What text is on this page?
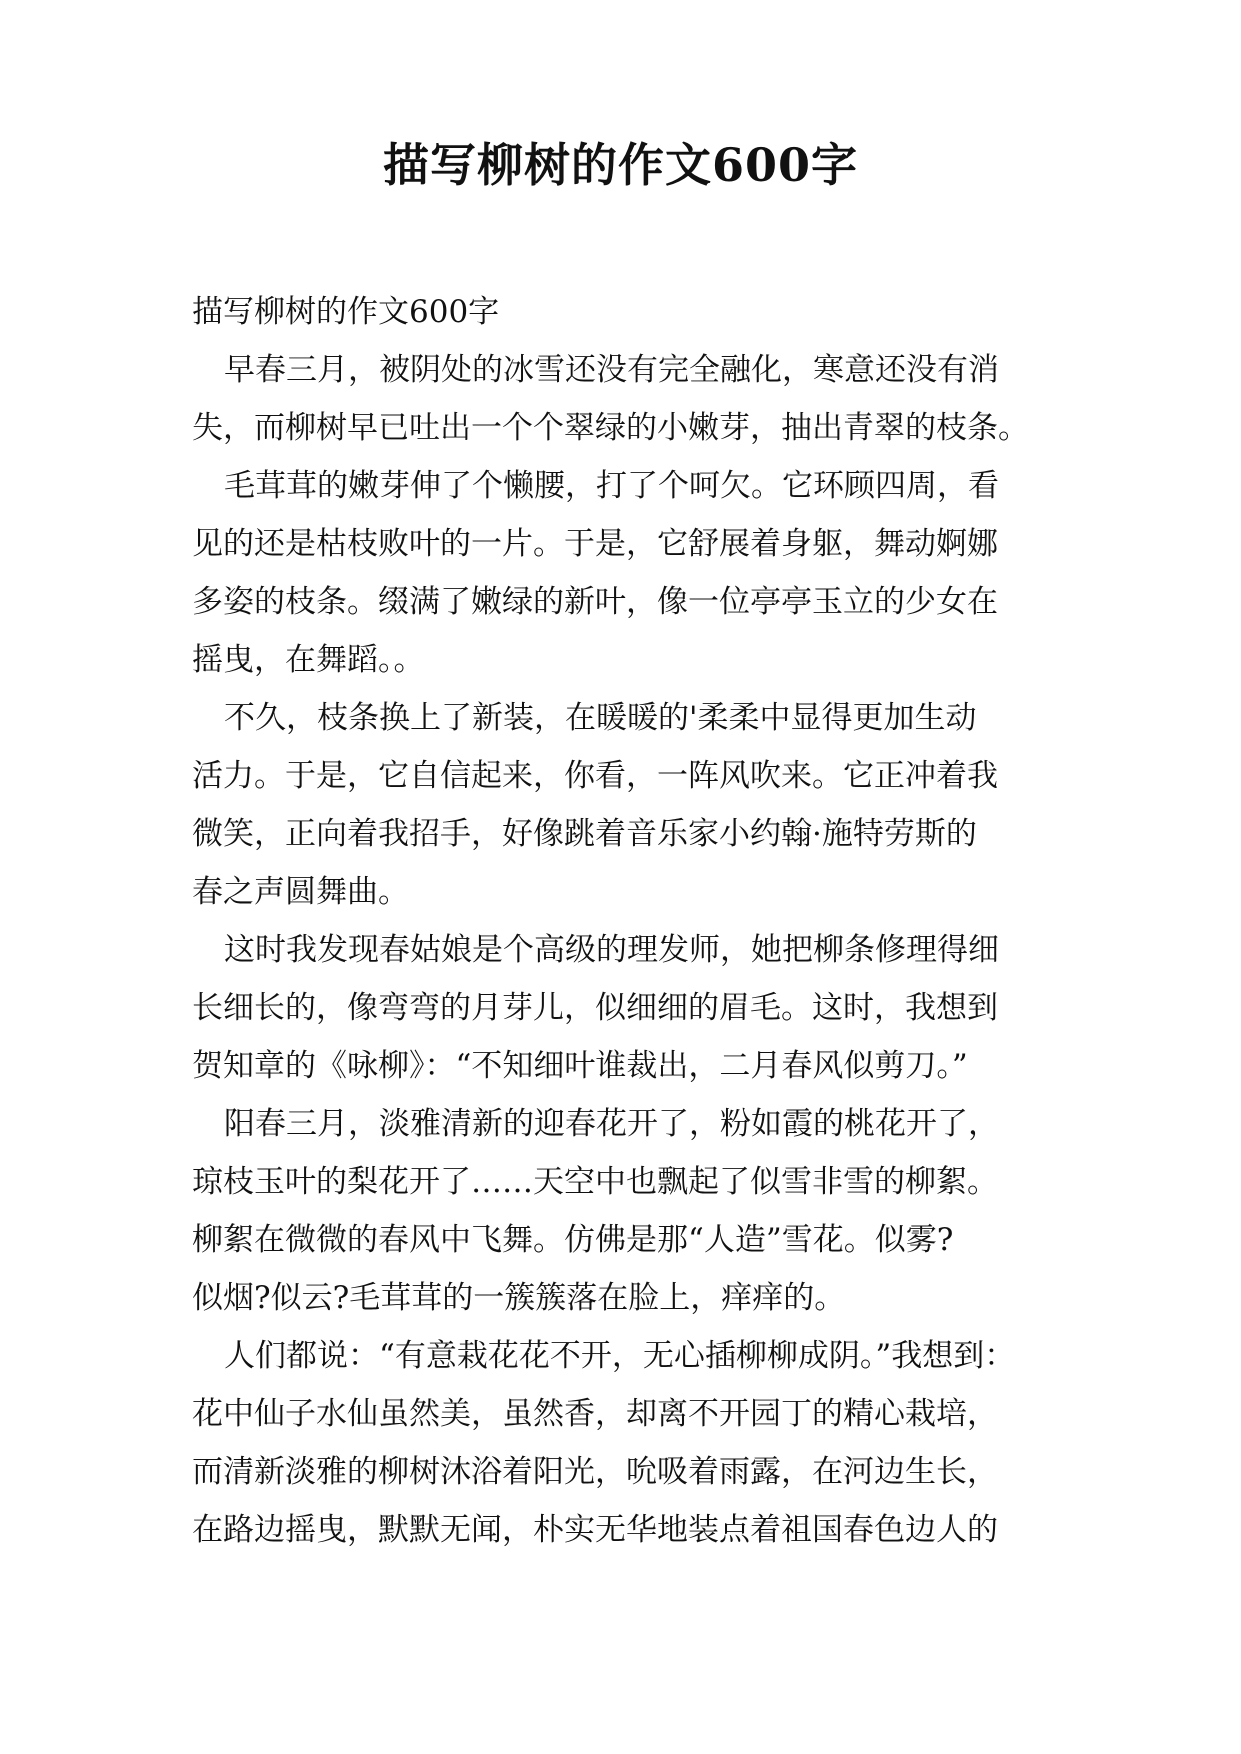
描写柳树的作文600字
描写柳树的作文600字
早春三月，被阴处的冰雪还没有完全融化，寒意还没有消
失，而柳树早已吐出一个个翠绿的小嫩芽，抽出青翠的枝条。
毛茸茸的嫩芽伸了个懒腰，打了个呵欠。它环顾四周，看
见的还是枯枝败叶的一片。于是，它舒展着身躯，舞动婀娜
多姿的枝条。缀满了嫩绿的新叶，像一位亭亭玉立的少女在
摇曳，在舞蹈。。
不久，枝条换上了新装，在暖暖的'柔柔中显得更加生动
活力。于是，它自信起来，你看，一阵风吹来。它正冲着我
微笑，正向着我招手，好像跳着音乐家小约翰·施特劳斯的
春之声圆舞曲。
这时我发现春姑娘是个高级的理发师，她把柳条修理得细
长细长的，像弯弯的月芽儿，似细细的眉毛。这时，我想到
贺知章的《咏柳》：“不知细叶谁裁出，二月春风似剪刀。”
阳春三月，淡雅清新的迎春花开了，粉如霞的桃花开了，
琼枝玉叶的梨花开了……天空中也飘起了似雪非雪的柳絮。
柳絮在微微的春风中飞舞。仿佛是那“人造”雪花。似雾?
似烟?似云?毛茸茸的一簇簇落在脸上，痒痒的。
人们都说：“有意栽花花不开，无心插柳柳成阴。”我想到：
花中仙子水仙虽然美，虽然香，却离不开园丁的精心栽培，
而清新淡雅的柳树沐浴着阳光，吮吸着雨露，在河边生长，
在路边摇曳，默默无闻，朴实无华地装点着祖国春色边人的
